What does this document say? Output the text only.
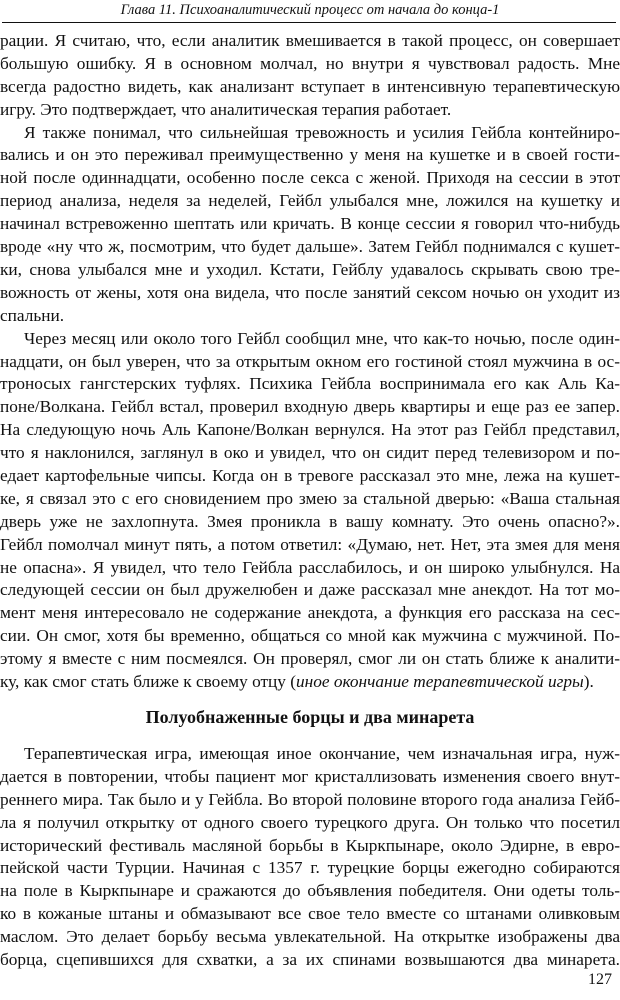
Глава 11. Психоаналитический процесс от начала до конца-1
рации. Я считаю, что, если аналитик вмешивается в такой процесс, он совершает
большую ошибку. Я в основном молчал, но внутри я чувствовал радость. Мне
всегда радостно видеть, как анализант вступает в интенсивную терапевтическую
игру. Это подтверждает, что аналитическая терапия работает.
Я также понимал, что сильнейшая тревожность и усилия Гейбла контейниро-
вались и он это переживал преимущественно у меня на кушетке и в своей гости-
ной после одиннадцати, особенно после секса с женой. Приходя на сессии в этот
период анализа, неделя за неделей, Гейбл улыбался мне, ложился на кушетку и
начинал встревоженно шептать или кричать. В конце сессии я говорил что-нибудь
вроде «ну что ж, посмотрим, что будет дальше». Затем Гейбл поднимался с кушет-
ки, снова улыбался мне и уходил. Кстати, Гейблу удавалось скрывать свою тре-
вожность от жены, хотя она видела, что после занятий сексом ночью он уходит из
спальни.
Через месяц или около того Гейбл сообщил мне, что как-то ночью, после один-
надцати, он был уверен, что за открытым окном его гостиной стоял мужчина в ос-
троносых гангстерских туфлях. Психика Гейбла воспринимала его как Аль Ка-
поне/Волкана. Гейбл встал, проверил входную дверь квартиры и еще раз ее запер.
На следующую ночь Аль Капоне/Волкан вернулся. На этот раз Гейбл представил,
что я наклонился, заглянул в око и увидел, что он сидит перед телевизором и по-
едает картофельные чипсы. Когда он в тревоге рассказал это мне, лежа на кушет-
ке, я связал это с его сновидением про змею за стальной дверью: «Ваша стальная
дверь уже не захлопнута. Змея проникла в вашу комнату. Это очень опасно?».
Гейбл помолчал минут пять, а потом ответил: «Думаю, нет. Нет, эта змея для меня
не опасна». Я увидел, что тело Гейбла расслабилось, и он широко улыбнулся. На
следующей сессии он был дружелюбен и даже рассказал мне анекдот. На тот мо-
мент меня интересовало не содержание анекдота, а функция его рассказа на сес-
сии. Он смог, хотя бы временно, общаться со мной как мужчина с мужчиной. По-
этому я вместе с ним посмеялся. Он проверял, смог ли он стать ближе к аналити-
ку, как смог стать ближе к своему отцу (иное окончание терапевтической игры).
Полуобнаженные борцы и два минарета
Терапевтическая игра, имеющая иное окончание, чем изначальная игра, нуж-
дается в повторении, чтобы пациент мог кристаллизовать изменения своего внут-
реннего мира. Так было и у Гейбла. Во второй половине второго года анализа Гейб-
ла я получил открытку от одного своего турецкого друга. Он только что посетил
исторический фестиваль масляной борьбы в Кыркпынаре, около Эдирне, в евро-
пейской части Турции. Начиная с 1357 г. турецкие борцы ежегодно собираются
на поле в Кыркпынаре и сражаются до объявления победителя. Они одеты толь-
ко в кожаные штаны и обмазывают все свое тело вместе со штанами оливковым
маслом. Это делает борьбу весьма увлекательной. На открытке изображены два
борца, сцепившихся для схватки, а за их спинами возвышаются два минарета.
127
